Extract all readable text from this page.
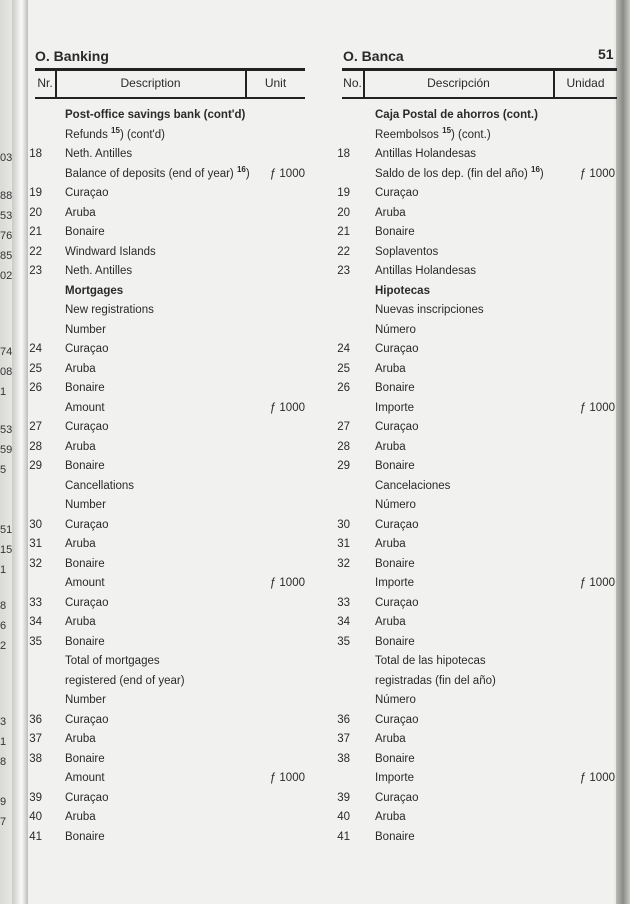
03
88
53
76
85
02
74
08
1
53
59
5
51
15
1
8
6
2
3
1
8
9
7
O. Banking	O. Banca	51
Nr.	Description	Unit	No.	Descripción	Unidad
Post-office savings bank (cont'd)	Caja Postal de ahorros (cont.)
Refunds $^{15}$) (cont'd)	Reembolsos $^{15}$) (cont.)
18 Neth. Antilles	18 Antillas Holandesas
Balance of deposits (end of year) $^{16}$) ƒ 1000	Saldo de los dep. (fin del año) $^{16}$)	ƒ 1000
19 Curaçao	19 Curaçao
20 Aruba	20 Aruba
21 Bonaire	21 Bonaire
22 Windward Islands	22 Soplaventos
23 Neth. Antilles	23 Antillas Holandesas
Mortgages	Hipotecas
New registrations	Nuevas inscripciones
Number	Número
24 Curaçao	24 Curaçao
25 Aruba	25 Aruba
26 Bonaire	26 Bonaire
Amount	ƒ 1000	Importe	ƒ 1000
27 Curaçao	27 Curaçao
28 Aruba	28 Aruba
29 Bonaire	29 Bonaire
Cancellations	Cancelaciones
Number	Número
30 Curaçao	30 Curaçao
31 Aruba	31 Aruba
32 Bonaire	32 Bonaire
Amount	ƒ 1000	Importe	ƒ 1000
33 Curaçao	33 Curaçao
34 Aruba	34 Aruba
35 Bonaire	35 Bonaire
Total of mortgages	Total de las hipotecas
registered (end of year)	registradas (fin del año)
Number	Número
36 Curaçao	36 Curaçao
37 Aruba	37 Aruba
38 Bonaire	38 Bonaire
Amount	ƒ 1000	Importe	ƒ 1000
39 Curaçao	39 Curaçao
40 Aruba	40 Aruba
41 Bonaire	41 Bonaire
